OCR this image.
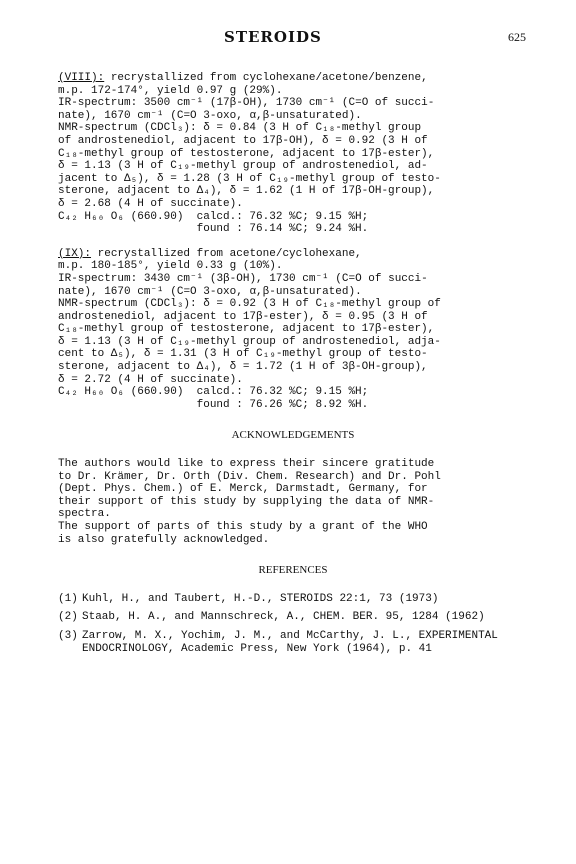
STEROIDS	625
(VIII): recrystallized from cyclohexane/acetone/benzene,
m.p. 172-174°, yield 0.97 g (29%).
IR-spectrum: 3500 cm⁻¹ (17β-OH), 1730 cm⁻¹ (C=O of succi-
nate), 1670 cm⁻¹ (C=O 3-oxo, α,β-unsaturated).
NMR-spectrum (CDCl₃): δ = 0.84 (3 H of C₁₈-methyl group
of androstenediol, adjacent to 17β-OH), δ = 0.92 (3 H of
C₁₈-methyl group of testosterone, adjacent to 17β-ester),
δ = 1.13 (3 H of C₁₉-methyl group of androstenediol, ad-
jacent to Δ₅), δ = 1.28 (3 H of C₁₉-methyl group of testo-
sterone, adjacent to Δ₄), δ = 1.62 (1 H of 17β-OH-group),
δ = 2.68 (4 H of succinate).
C₄₂ H₆₀ O₆ (660.90)  calcd.: 76.32 %C; 9.15 %H;
found : 76.14 %C; 9.24 %H.
(IX): recrystallized from acetone/cyclohexane,
m.p. 180-185°, yield 0.33 g (10%).
IR-spectrum: 3430 cm⁻¹ (3β-OH), 1730 cm⁻¹ (C=O of succi-
nate), 1670 cm⁻¹ (C=O 3-oxo, α,β-unsaturated).
NMR-spectrum (CDCl₃): δ = 0.92 (3 H of C₁₈-methyl group of
androstenediol, adjacent to 17β-ester), δ = 0.95 (3 H of
C₁₈-methyl group of testosterone, adjacent to 17β-ester),
δ = 1.13 (3 H of C₁₉-methyl group of androstenediol, adja-
cent to Δ₅), δ = 1.31 (3 H of C₁₉-methyl group of testo-
sterone, adjacent to Δ₄), δ = 1.72 (1 H of 3β-OH-group),
δ = 2.72 (4 H of succinate).
C₄₂ H₆₀ O₆ (660.90)  calcd.: 76.32 %C; 9.15 %H;
found : 76.26 %C; 8.92 %H.
ACKNOWLEDGEMENTS
The authors would like to express their sincere gratitude
to Dr. Krämer, Dr. Orth (Div. Chem. Research) and Dr. Pohl
(Dept. Phys. Chem.) of E. Merck, Darmstadt, Germany, for
their support of this study by supplying the data of NMR-
spectra.
The support of parts of this study by a grant of the WHO
is also gratefully acknowledged.
REFERENCES
(1) Kuhl, H., and Taubert, H.-D., STEROIDS 22:1, 73 (1973)
(2) Staab, H. A., and Mannschreck, A., CHEM. BER. 95, 1284 (1962)
(3) Zarrow, M. X., Yochim, J. M., and McCarthy, J. L., EXPERIMENTAL ENDOCRINOLOGY, Academic Press, New York (1964), p. 41
